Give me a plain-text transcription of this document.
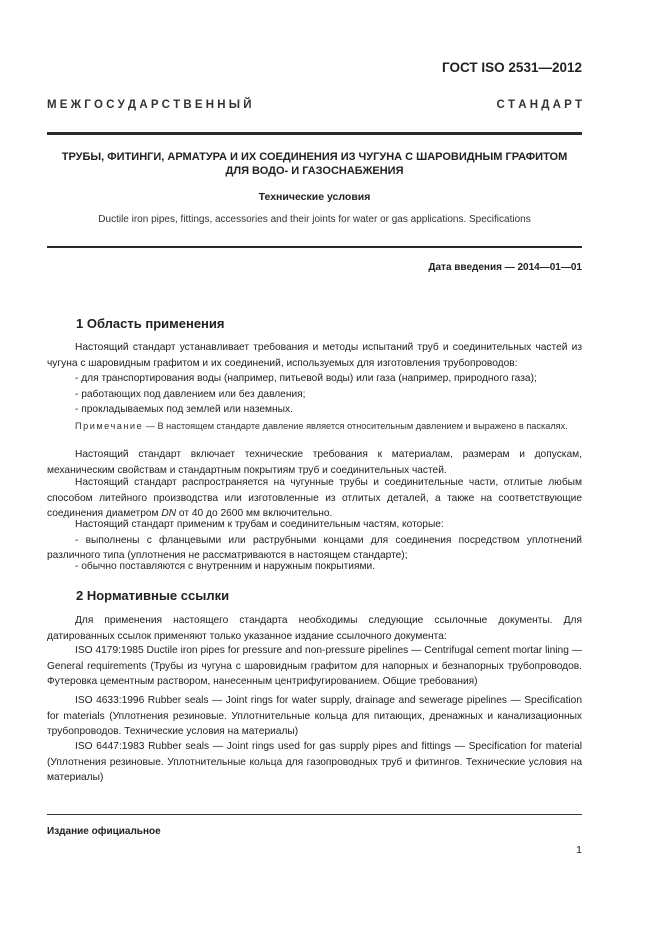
ГОСТ ISO 2531—2012
М Е Ж Г О С У Д А Р С Т В Е Н Н Ы Й	С Т А Н Д А Р Т
ТРУБЫ, ФИТИНГИ, АРМАТУРА И ИХ СОЕДИНЕНИЯ ИЗ ЧУГУНА С ШАРОВИДНЫМ ГРАФИТОМ
ДЛЯ ВОДО- И ГАЗОСНАБЖЕНИЯ
Технические условия
Ductile iron pipes, fittings, accessories and their joints for water or gas applications. Specifications
Дата введения — 2014—01—01
1 Область применения

Настоящий стандарт устанавливает требования и методы испытаний труб и соединительных частей из чугуна с шаровидным графитом и их соединений, используемых для изготовления трубопроводов:

- для транспортирования воды (например, питьевой воды) или газа (например, природного газа);

- работающих под давлением или без давления;

- прокладываемых под землей или наземных.

Примечание — В настоящем стандарте давление является относительным давлением и выражено в паскалях.

Настоящий стандарт включает технические требования к материалам, размерам и допускам, механическим свойствам и стандартным покрытиям труб и соединительных частей.

Настоящий стандарт распространяется на чугунные трубы и соединительные части, отлитые любым способом литейного производства или изготовленные из отлитых деталей, а также на соответствующие соединения диаметром DN от 40 до 2600 мм включительно.

Настоящий стандарт применим к трубам и соединительным частям, которые:

- выполнены с фланцевыми или раструбными концами для соединения посредством уплотнений различного типа (уплотнения не рассматриваются в настоящем стандарте);

- обычно поставляются с внутренним и наружным покрытиями.

2 Нормативные ссылки

Для применения настоящего стандарта необходимы следующие ссылочные документы. Для датированных ссылок применяют только указанное издание ссылочного документа:

ISO 4179:1985 Ductile iron pipes for pressure and non-pressure pipelines — Centrifugal cement mortar lining — General requirements (Трубы из чугуна с шаровидным графитом для напорных и безнапорных трубопроводов. Футеровка цементным раствором, нанесенным центрифугированием. Общие требования)

ISO 4633:1996 Rubber seals — Joint rings for water supply, drainage and sewerage pipelines — Specification for materials (Уплотнения резиновые. Уплотнительные кольца для питающих, дренажных и канализационных трубопроводов. Технические условия на материалы)

ISO 6447:1983 Rubber seals — Joint rings used for gas supply pipes and fittings — Specification for material (Уплотнения резиновые. Уплотнительные кольца для газопроводных труб и фитингов. Технические условия на материалы)

Издание официальное
1
